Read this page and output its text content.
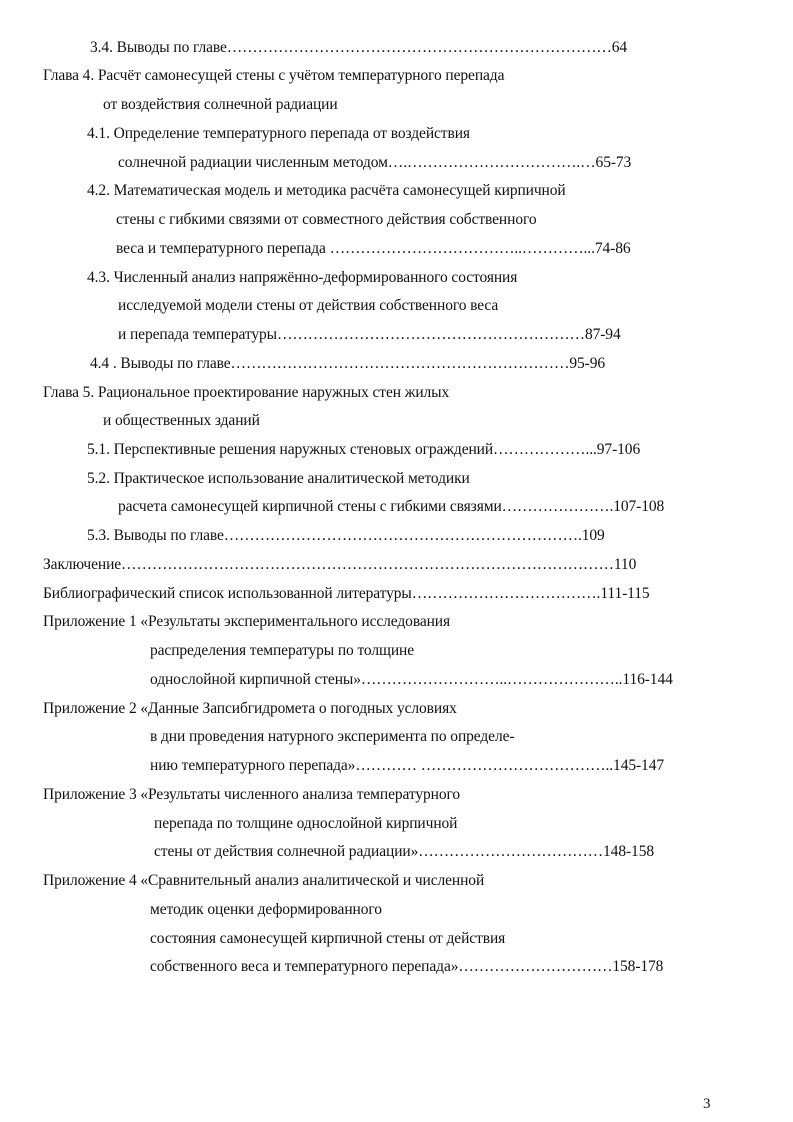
3.4. Выводы по главе…………………………………………………………………64
Глава 4. Расчёт самонесущей стены с учётом температурного перепада
от воздействия солнечной радиации
4.1. Определение температурного перепада от воздействия
солнечной радиации численным методом….…………………………….…65-73
4.2. Математическая модель и методика расчёта самонесущей кирпичной
стены с гибкими связями от совместного действия собственного
веса и температурного перепада ………………………………..…………...74-86
4.3. Численный анализ напряжённо-деформированного состояния
исследуемой модели стены от действия собственного веса
и перепада температуры……………………………………………………87-94
4.4 . Выводы по главе…………………………………………………………95-96
Глава 5. Рациональное проектирование наружных стен жилых
и общественных зданий
5.1. Перспективные решения наружных стеновых ограждений………………...97-106
5.2. Практическое использование аналитической методики
расчета самонесущей кирпичной стены с гибкими связями………………….107-108
5.3. Выводы по главе…………………………………………………………….109
Заключение……………………………………………………………………………………110
Библиографический список использованной литературы……………………………….111-115
Приложение 1 «Результаты экспериментального исследования
распределения температуры по толщине
однослойной кирпичной стены»………………………..…………………..116-144
Приложение 2 «Данные Запсибгидромета о погодных условиях
в дни проведения натурного эксперимента по определе-
нию температурного перепада»………… ………………………………..145-147
Приложение 3 «Результаты численного анализа температурного
перепада по толщине однослойной кирпичной
стены от действия солнечной радиации»………………………………148-158
Приложение 4 «Сравнительный анализ аналитической и численной
методик оценки деформированного
состояния самонесущей кирпичной стены от действия
собственного веса и температурного перепада»…………………………158-178
3
